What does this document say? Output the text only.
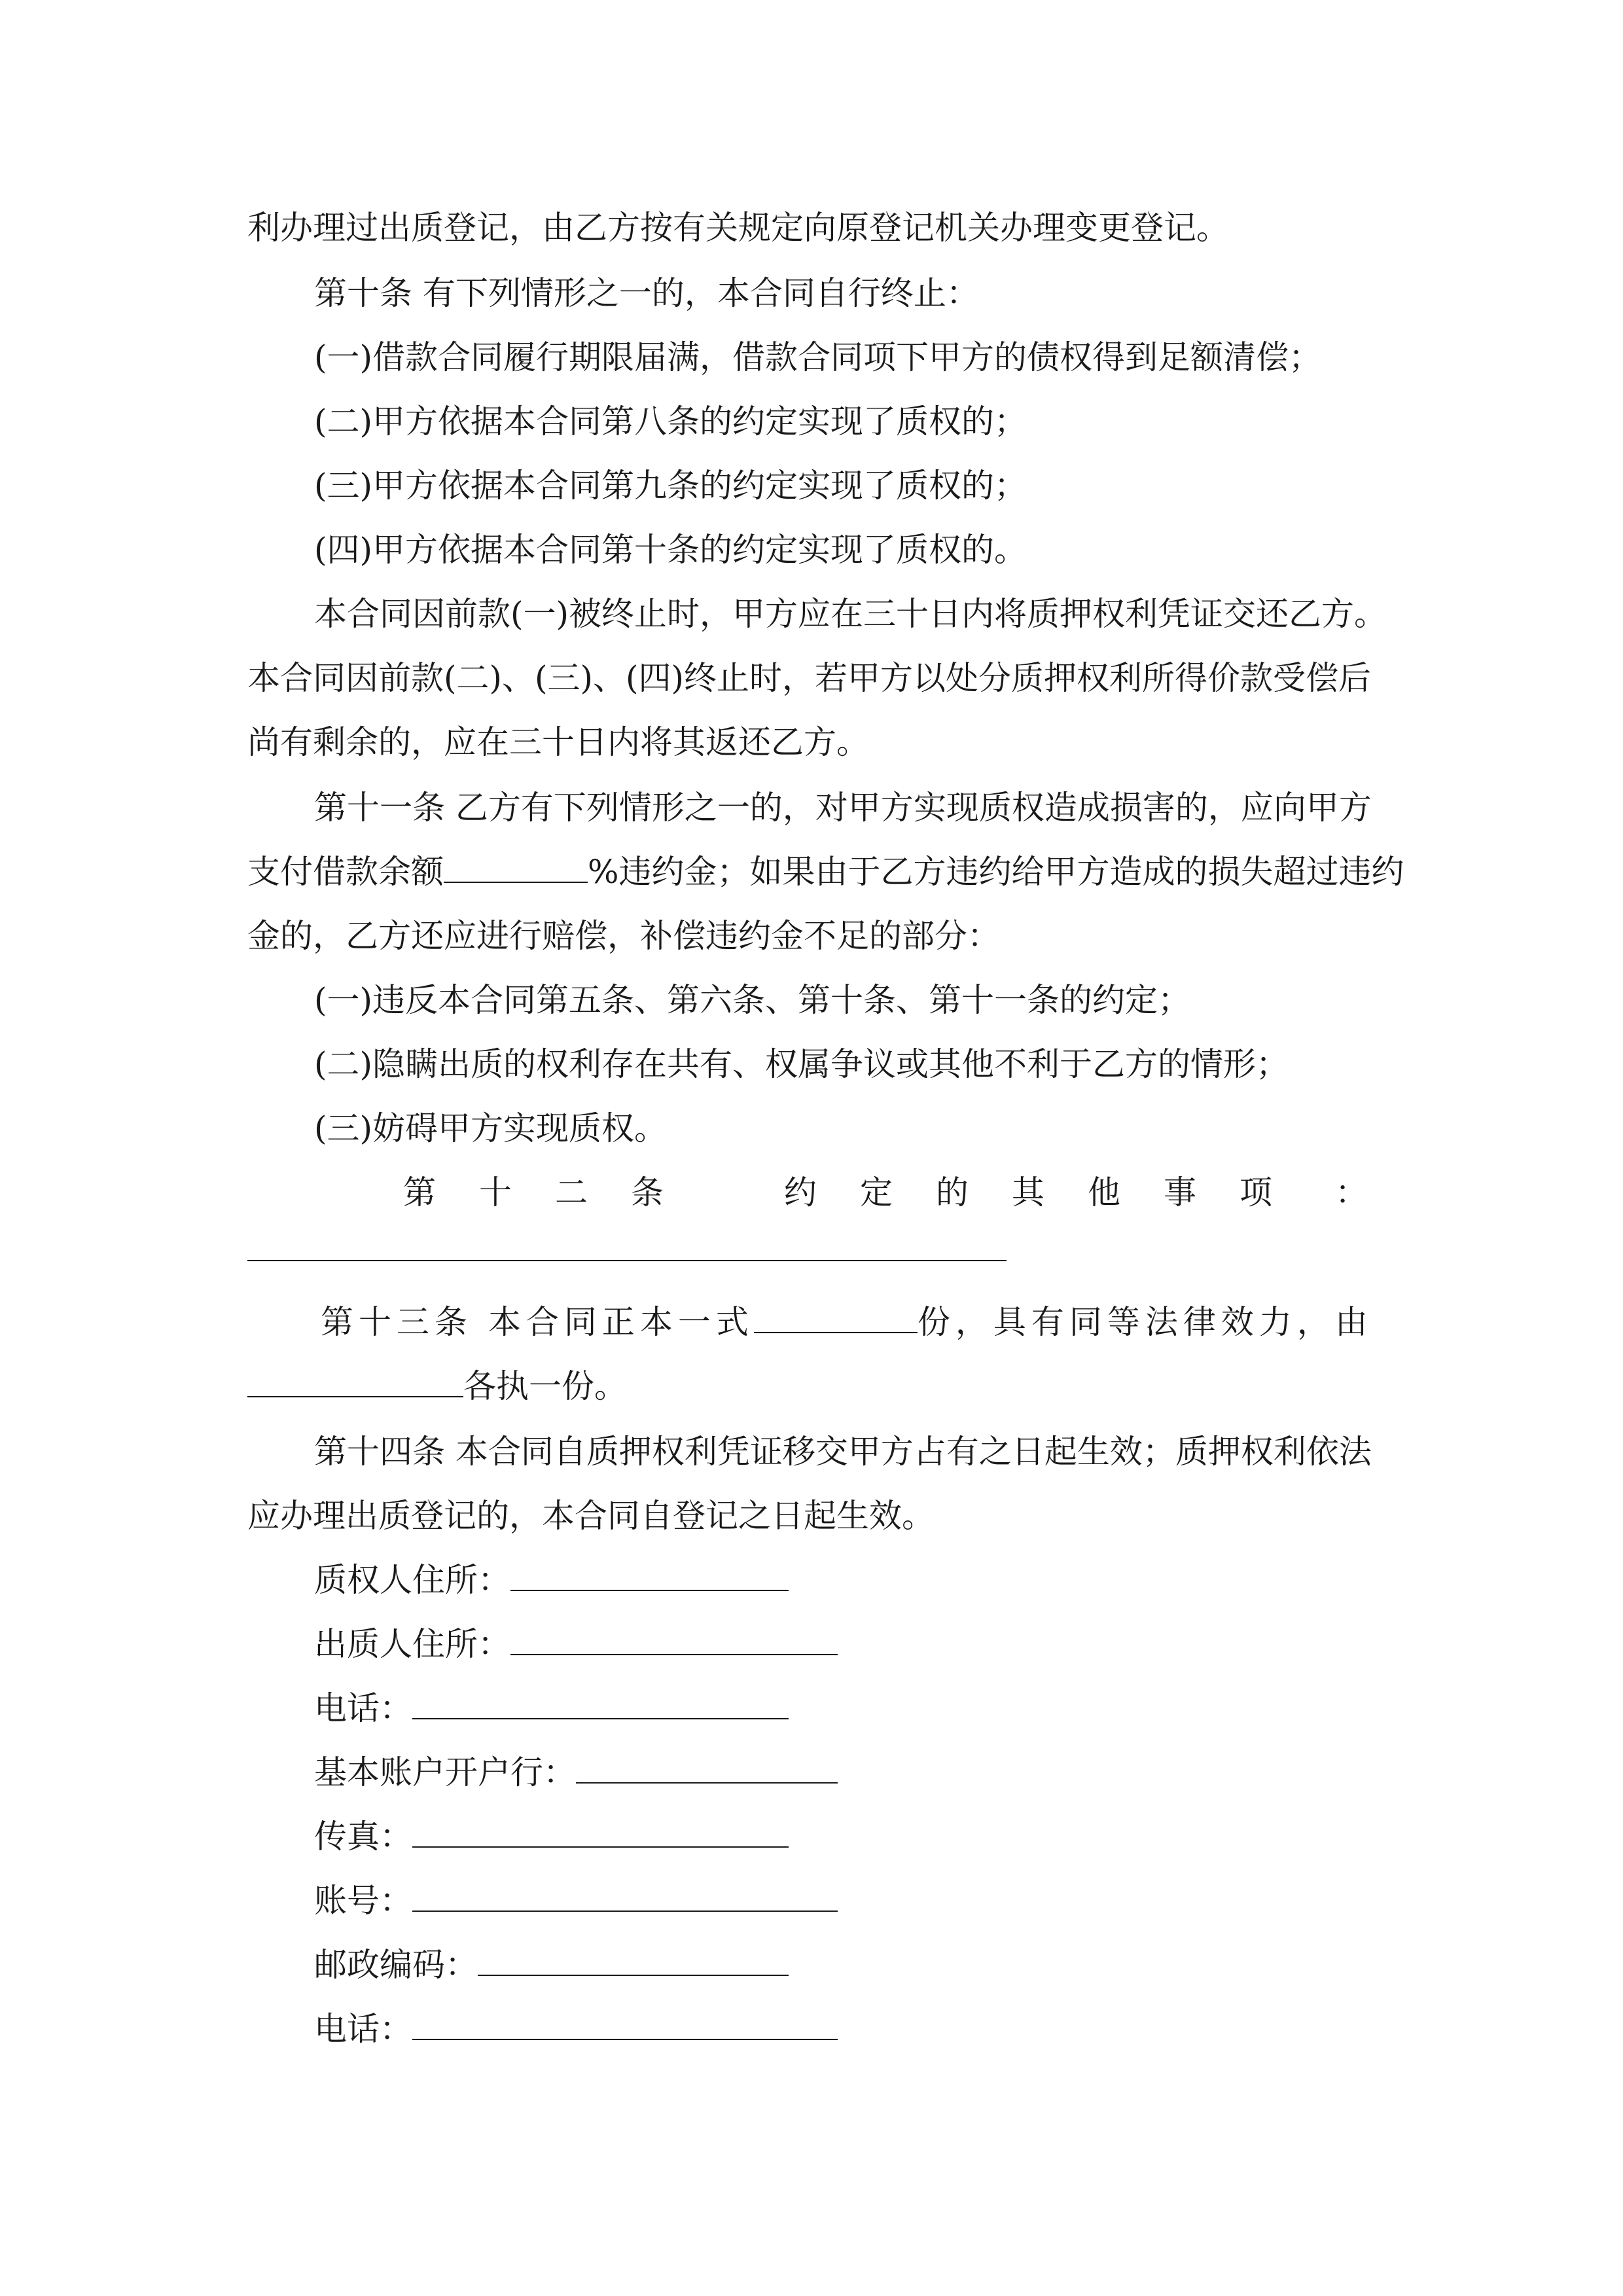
利办理过出质登记，由乙方按有关规定向原登记机关办理变更登记。
第十条 有下列情形之一的，本合同自行终止：
(一)借款合同履行期限届满，借款合同项下甲方的债权得到足额清偿；
(二)甲方依据本合同第八条的约定实现了质权的；
(三)甲方依据本合同第九条的约定实现了质权的；
(四)甲方依据本合同第十条的约定实现了质权的。
本合同因前款(一)被终止时，甲方应在三十日内将质押权利凭证交还乙方。
本合同因前款(二)、(三)、(四)终止时，若甲方以处分质押权利所得价款受偿后
尚有剩余的，应在三十日内将其返还乙方。
第十一条 乙方有下列情形之一的，对甲方实现质权造成损害的，应向甲方
支付借款余额	%违约金；如果由于乙方违约给甲方造成的损失超过违约
金的，乙方还应进行赔偿，补偿违约金不足的部分：
(一)违反本合同第五条、第六条、第十条、第十一条的约定；
(二)隐瞒出质的权利存在共有、权属争议或其他不利于乙方的情形；
(三)妨碍甲方实现质权。
第十二条 约定的其他事项 ：
第十三条 本合同正本一式	份，具有同等法律效力，由
各执一份。
第十四条 本合同自质押权利凭证移交甲方占有之日起生效；质押权利依法
应办理出质登记的，本合同自登记之日起生效。
质权人住所：
出质人住所：
电话：
基本账户开户行：
传真：
账号：
邮政编码：
电话：
